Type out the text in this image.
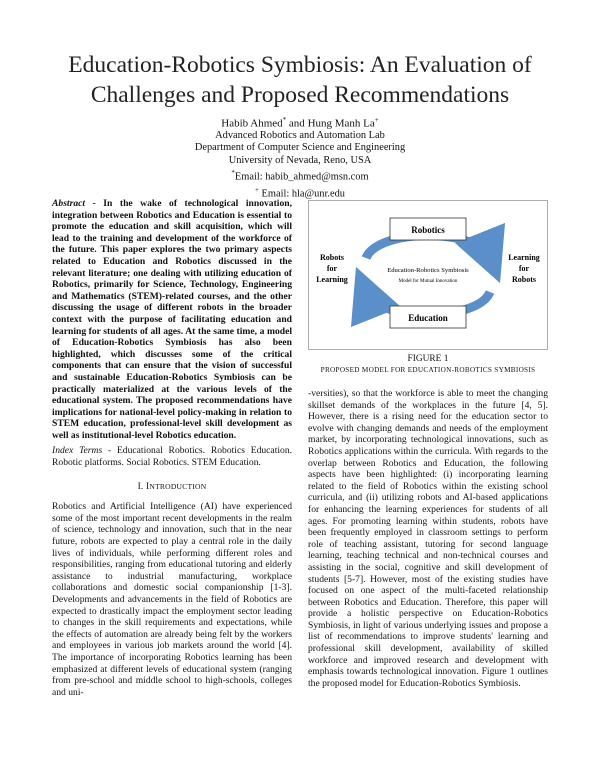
Education-Robotics Symbiosis: An Evaluation of
Challenges and Proposed Recommendations
Habib Ahmed* and Hung Manh La+
Advanced Robotics and Automation Lab
Department of Computer Science and Engineering
University of Nevada, Reno, USA
*Email: habib_ahmed@msn.com
+ Email: hla@unr.edu

Abstract - In the wake of technological innovation, integration between Robotics and Education is essential to promote the education and skill acquisition, which will lead to the training and development of the workforce of the future. This paper explores the two primary aspects related to Education and Robotics discussed in the relevant literature; one dealing with utilizing education of Robotics, primarily for Science, Technology, Engineering and Mathematics (STEM)-related courses, and the other discussing the usage of different robots in the broader context with the purpose of facilitating education and learning for students of all ages. At the same time, a model of Education-Robotics Symbiosis has also been highlighted, which discusses some of the critical components that can ensure that the vision of successful and sustainable Education-Robotics Symbiosis can be practically materialized at the various levels of the educational system. The proposed recommendations have implications for national-level policy-making in relation to STEM education, professional-level skill development as well as institutional-level Robotics education.

Index Terms - Educational Robotics. Robotics Education. Robotic platforms. Social Robotics. STEM Education.

I. INTRODUCTION

Robotics and Artificial Intelligence (AI) have experienced some of the most important recent developments in the realm of science, technology and innovation, such that in the near future, robots are expected to play a central role in the daily lives of individuals, while performing different roles and responsibilities, ranging from educational tutoring and elderly assistance to industrial manufacturing, workplace collaborations and domestic social companionship [1-3]. Developments and advancements in the field of Robotics are expected to drastically impact the employment sector leading to changes in the skill requirements and expectations, while the effects of automation are already being felt by the workers and employees in various job markets around the world [4]. The importance of incorporating Robotics learning has been emphasized at different levels of educational system (ranging from pre-school and middle school to high-schools, colleges and uni-

Robotics
Education
Education-Robotics Symbiosis
Model for Mutual Innovation
Robots
for
Learning
Learning
for
Robots
FIGURE 1
PROPOSED MODEL FOR EDUCATION-ROBOTICS SYMBIOSIS

-versities), so that the workforce is able to meet the changing skillset demands of the workplaces in the future [4, 5]. However, there is a rising need for the education sector to evolve with changing demands and needs of the employment market, by incorporating technological innovations, such as Robotics applications within the curricula. With regards to the overlap between Robotics and Education, the following aspects have been highlighted: (i) incorporating learning related to the field of Robotics within the existing school curricula, and (ii) utilizing robots and AI-based applications for enhancing the learning experiences for students of all ages. For promoting learning within students, robots have been frequently employed in classroom settings to perform role of teaching assistant, tutoring for second language learning, teaching technical and non-technical courses and assisting in the social, cognitive and skill development of students [5-7]. However, most of the existing studies have focused on one aspect of the multi-faceted relationship between Robotics and Education. Therefore, this paper will provide a holistic perspective on Education-Robotics Symbiosis, in light of various underlying issues and propose a list of recommendations to improve students' learning and professional skill development, availability of skilled workforce and improved research and development with emphasis towards technological innovation. Figure 1 outlines the proposed model for Education-Robotics Symbiosis.
